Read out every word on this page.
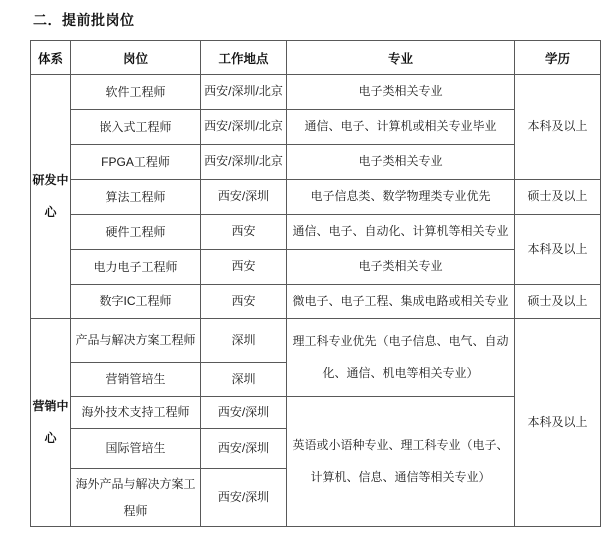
二．提前批岗位
体系	岗位	工作地点	专业	学历
研发中心	软件工程师	西安/深圳/北京	电子类相关专业	本科及以上
	嵌入式工程师	西安/深圳/北京	通信、电子、计算机或相关专业毕业	
	FPGA工程师	西安/深圳/北京	电子类相关专业	
	算法工程师	西安/深圳	电子信息类、数学物理类专业优先	硕士及以上
	硬件工程师	西安	通信、电子、自动化、计算机等相关专业	本科及以上
	电力电子工程师	西安	电子类相关专业	
	数字IC工程师	西安	微电子、电子工程、集成电路或相关专业	硕士及以上
营销中心	产品与解决方案工程师	深圳	理工科专业优先（电子信息、电气、自动化、通信、机电等相关专业）	本科及以上
	营销管培生	深圳		
	海外技术支持工程师	西安/深圳	英语或小语种专业、理工科专业（电子、计算机、信息、通信等相关专业）	
	国际管培生	西安/深圳		
	海外产品与解决方案工程师	西安/深圳		
